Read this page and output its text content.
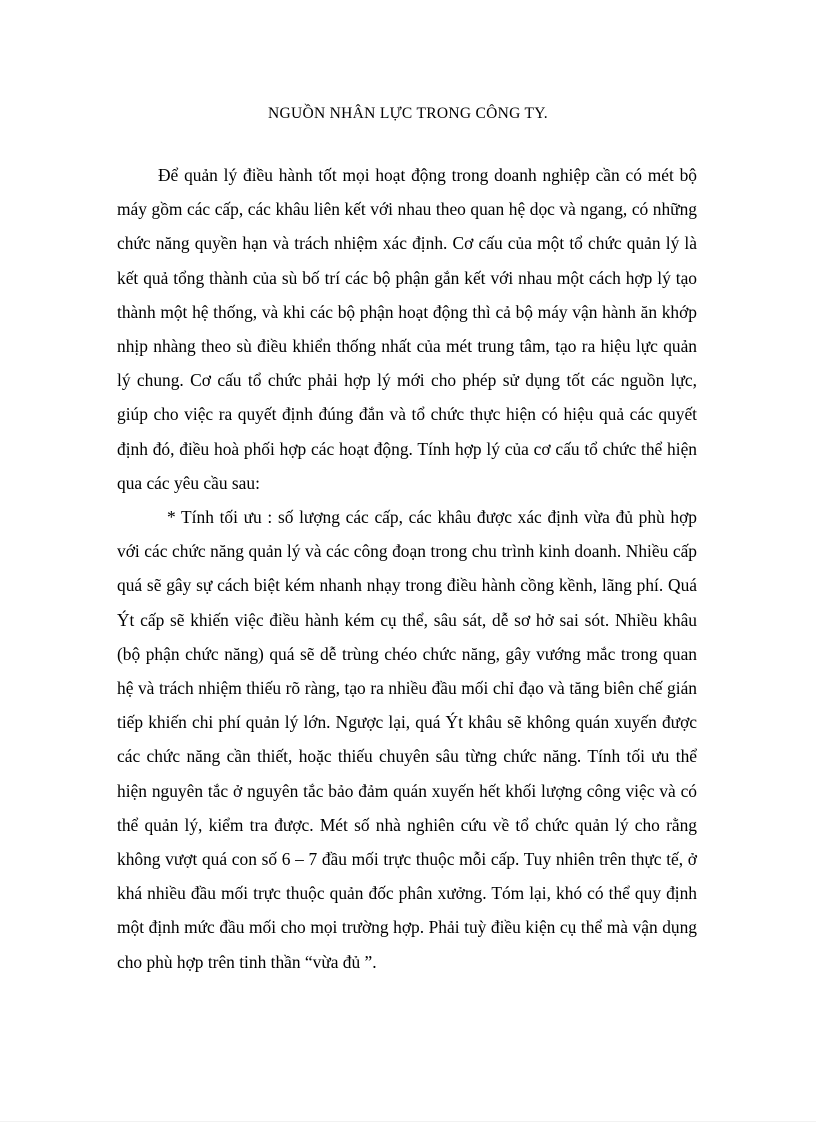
NGUỒN NHÂN LỰC TRONG CÔNG TY.

Để quản lý điều hành tốt mọi hoạt động trong doanh nghiệp cần có mét bộ máy gồm các cấp, các khâu liên kết với nhau theo quan hệ dọc và ngang, có những chức năng quyền hạn và trách nhiệm xác định. Cơ cấu của một tổ chức quản lý là kết quả tổng thành của sù bố trí các bộ phận gắn kết với nhau một cách hợp lý tạo thành một hệ thống, và khi các bộ phận hoạt động thì cả bộ máy vận hành ăn khớp nhịp nhàng theo sù điều khiển thống nhất của mét trung tâm, tạo ra hiệu lực quản lý chung. Cơ cấu tổ chức phải hợp lý mới cho phép sử dụng tốt các nguồn lực, giúp cho việc ra quyết định đúng đắn và tổ chức thực hiện có hiệu quả các quyết định đó, điều hoà phối hợp các hoạt động. Tính hợp lý của cơ cấu tổ chức thể hiện qua các yêu cầu sau:

* Tính tối ưu : số lượng các cấp, các khâu được xác định vừa đủ phù hợp với các chức năng quản lý và các công đoạn trong chu trình kinh doanh. Nhiều cấp quá sẽ gây sự cách biệt kém nhanh nhạy trong điều hành cồng kềnh, lãng phí. Quá Ýt cấp sẽ khiến việc điều hành kém cụ thể, sâu sát, dễ sơ hở sai sót. Nhiều khâu (bộ phận chức năng) quá sẽ dễ trùng chéo chức năng, gây vướng mắc trong quan hệ và trách nhiệm thiếu rõ ràng, tạo ra nhiều đầu mối chỉ đạo và tăng biên chế gián tiếp khiến chi phí quản lý lớn. Ngược lại, quá Ýt khâu sẽ không quán xuyến được các chức năng cần thiết, hoặc thiếu chuyên sâu từng chức năng. Tính tối ưu thể hiện nguyên tắc ở nguyên tắc bảo đảm quán xuyến hết khối lượng công việc và có thể quản lý, kiểm tra được. Mét số nhà nghiên cứu về tổ chức quản lý cho rằng không vượt quá con số 6 – 7 đầu mối trực thuộc mỗi cấp. Tuy nhiên trên thực tế, ở khá nhiều đầu mối trực thuộc quản đốc phân xưởng. Tóm lại, khó có thể quy định một định mức đầu mối cho mọi trường hợp. Phải tuỳ điều kiện cụ thể mà vận dụng cho phù hợp trên tinh thần “vừa đủ ”.
